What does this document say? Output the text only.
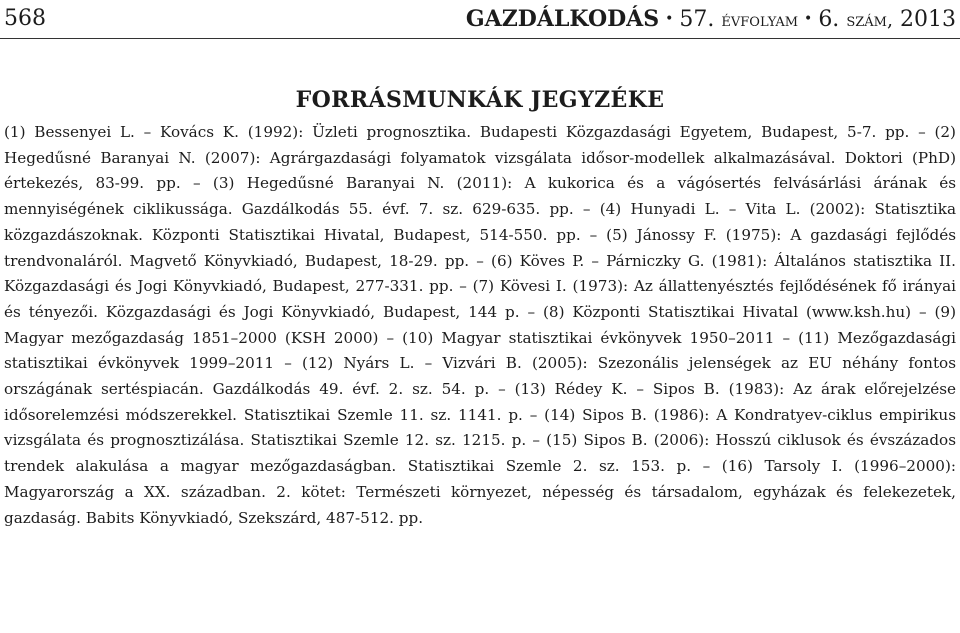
568	GAZDÁLKODÁS • 57. évfolyam • 6. szám, 2013
FORRÁSMUNKÁK JEGYZÉKE

(1) Bessenyei L. – Kovács K. (1992): Üzleti prognosztika. Budapesti Közgazdasági Egyetem, Budapest, 5-7. pp. – (2) Hegedűsné Baranyai N. (2007): Agrárgazdasági folyamatok vizsgálata idősor-modellek alkalmazásával. Doktori (PhD) értekezés, 83-99. pp. – (3) Hegedűsné Baranyai N. (2011): A kukorica és a vágósertés felvásárlási árának és mennyiségének ciklikussága. Gazdálkodás 55. évf. 7. sz. 629-635. pp. – (4) Hunyadi L. – Vita L. (2002): Statisztika közgazdászoknak. Központi Statisztikai Hivatal, Budapest, 514-550. pp. – (5) Jánossy F. (1975): A gazdasági fejlődés trendvonaláról. Magvető Könyvkiadó, Budapest, 18-29. pp. – (6) Köves P. – Párniczky G. (1981): Általános statisztika II. Közgazdasági és Jogi Könyvkiadó, Budapest, 277-331. pp. – (7) Kövesi I. (1973): Az állattenyésztés fejlődésének fő irányai és tényezői. Közgazdasági és Jogi Könyvkiadó, Budapest, 144 p. – (8) Központi Statisztikai Hivatal (www.ksh.hu) – (9) Magyar mezőgazdaság 1851–2000 (KSH 2000) – (10) Magyar statisztikai évkönyvek 1950–2011 – (11) Mezőgazdasági statisztikai évkönyvek 1999–2011 – (12) Nyárs L. – Vizvári B. (2005): Szezonális jelenségek az EU néhány fontos országának sertéspiacán. Gazdálkodás 49. évf. 2. sz. 54. p. – (13) Rédey K. – Sipos B. (1983): Az árak előrejelzése idősorelemzési módszerekkel. Statisztikai Szemle 11. sz. 1141. p. – (14) Sipos B. (1986): A Kondratyev-ciklus empirikus vizsgálata és prognosztizálása. Statisztikai Szemle 12. sz. 1215. p. – (15) Sipos B. (2006): Hosszú ciklusok és évszázados trendek alakulása a magyar mezőgazdaságban. Statisztikai Szemle 2. sz. 153. p. – (16) Tarsoly I. (1996–2000): Magyarország a XX. században. 2. kötet: Természeti környezet, népesség és társadalom, egyházak és felekezetek, gazdaság. Babits Könyvkiadó, Szekszárd, 487-512. pp.
